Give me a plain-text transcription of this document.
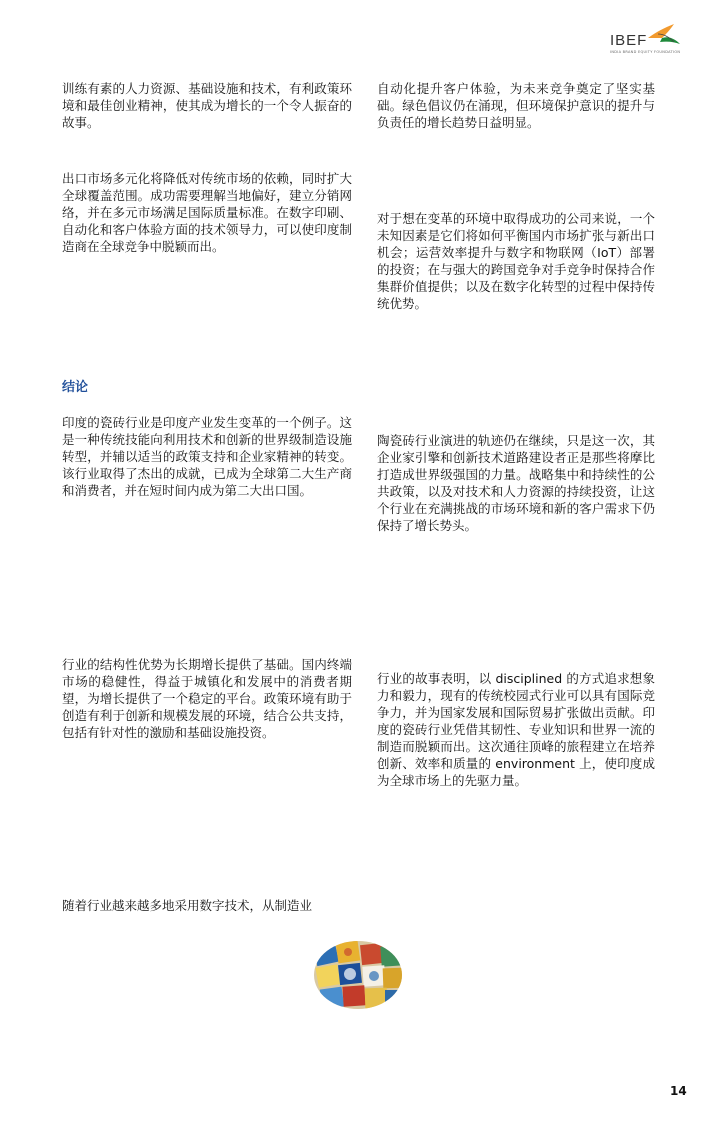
IBEF
INDIA BRAND EQUITY FOUNDATION

训练有素的人力资源、基础设施和技术，有利政策环境和最佳创业精神，使其成为增长的一个令人振奋的故事。

出口市场多元化将降低对传统市场的依赖，同时扩大全球覆盖范围。成功需要理解当地偏好，建立分销网络，并在多元市场满足国际质量标准。在数字印刷、自动化和客户体验方面的技术领导力，可以使印度制造商在全球竞争中脱颖而出。

自动化提升客户体验，为未来竞争奠定了坚实基础。绿色倡议仍在涌现，但环境保护意识的提升与负责任的增长趋势日益明显。

对于想在变革的环境中取得成功的公司来说，一个未知因素是它们将如何平衡国内市场扩张与新出口机会；运营效率提升与数字和物联网（IoT）部署的投资；在与强大的跨国竞争对手竞争时保持合作集群价值提供；以及在数字化转型的过程中保持传统优势。

结论

印度的瓷砖行业是印度产业发生变革的一个例子。这是一种传统技能向利用技术和创新的世界级制造设施转型，并辅以适当的政策支持和企业家精神的转变。该行业取得了杰出的成就，已成为全球第二大生产商和消费者，并在短时间内成为第二大出口国。

陶瓷砖行业演进的轨迹仍在继续，只是这一次，其企业家引擎和创新技术道路建设者正是那些将摩比打造成世界级强国的力量。战略集中和持续性的公共政策，以及对技术和人力资源的持续投资，让这个行业在充满挑战的市场环境和新的客户需求下仍保持了增长势头。

行业的结构性优势为长期增长提供了基础。国内终端市场的稳健性，得益于城镇化和发展中的消费者期望，为增长提供了一个稳定的平台。政策环境有助于创造有利于创新和规模发展的环境，结合公共支持，包括有针对性的激励和基础设施投资。

行业的故事表明，以 disciplined 的方式追求想象力和毅力，现有的传统校园式行业可以具有国际竞争力，并为国家发展和国际贸易扩张做出贡献。印度的瓷砖行业凭借其韧性、专业知识和世界一流的制造而脱颖而出。这次通往顶峰的旅程建立在培养创新、效率和质量的 environment 上，使印度成为全球市场上的先驱力量。

随着行业越来越多地采用数字技术，从制造业

14
